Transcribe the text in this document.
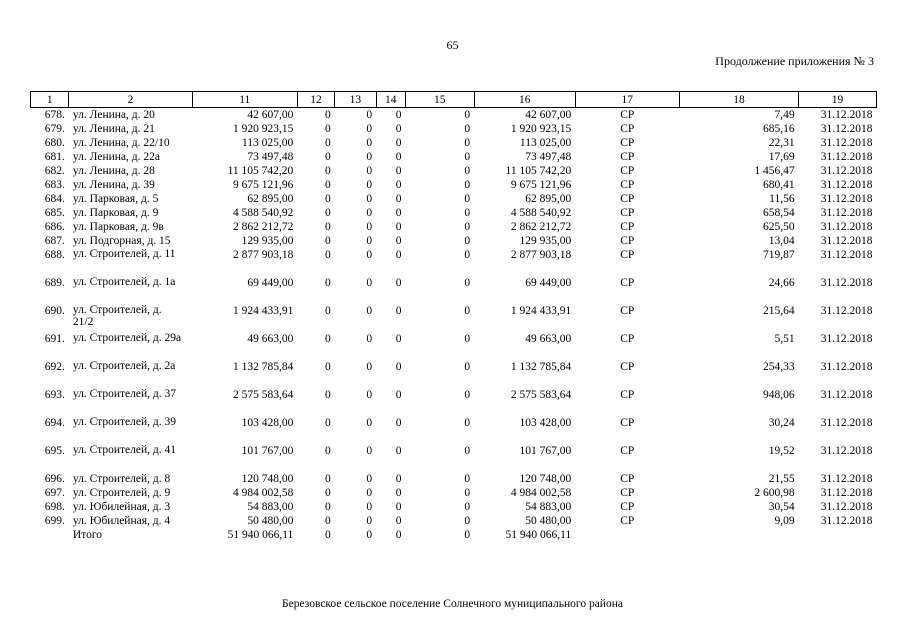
65
Продолжение приложения № 3
1	2	11	12	13	14	15	16	17	18	19
678.	ул. Ленина, д. 20	42 607,00	0	0	0	0	42 607,00	СР	7,49	31.12.2018
679.	ул. Ленина, д. 21	1 920 923,15	0	0	0	0	1 920 923,15	СР	685,16	31.12.2018
680.	ул. Ленина, д. 22/10	113 025,00	0	0	0	0	113 025,00	СР	22,31	31.12.2018
681.	ул. Ленина, д. 22а	73 497,48	0	0	0	0	73 497,48	СР	17,69	31.12.2018
682.	ул. Ленина, д. 28	11 105 742,20	0	0	0	0	11 105 742,20	СР	1 456,47	31.12.2018
683.	ул. Ленина, д. 39	9 675 121,96	0	0	0	0	9 675 121,96	СР	680,41	31.12.2018
684.	ул. Парковая, д. 5	62 895,00	0	0	0	0	62 895,00	СР	11,56	31.12.2018
685.	ул. Парковая, д. 9	4 588 540,92	0	0	0	0	4 588 540,92	СР	658,54	31.12.2018
686.	ул. Парковая, д. 9в	2 862 212,72	0	0	0	0	2 862 212,72	СР	625,50	31.12.2018
687.	ул. Подгорная, д. 15	129 935,00	0	0	0	0	129 935,00	СР	13,04	31.12.2018
688.	ул. Строителей, д. 11	2 877 903,18	0	0	0	0	2 877 903,18	СР	719,87	31.12.2018
689.	ул. Строителей, д. 1а	69 449,00	0	0	0	0	69 449,00	СР	24,66	31.12.2018
690.	ул. Строителей, д. 21/2	1 924 433,91	0	0	0	0	1 924 433,91	СР	215,64	31.12.2018
691.	ул. Строителей, д. 29а	49 663,00	0	0	0	0	49 663,00	СР	5,51	31.12.2018
692.	ул. Строителей, д. 2а	1 132 785,84	0	0	0	0	1 132 785,84	СР	254,33	31.12.2018
693.	ул. Строителей, д. 37	2 575 583,64	0	0	0	0	2 575 583,64	СР	948,06	31.12.2018
694.	ул. Строителей, д. 39	103 428,00	0	0	0	0	103 428,00	СР	30,24	31.12.2018
695.	ул. Строителей, д. 41	101 767,00	0	0	0	0	101 767,00	СР	19,52	31.12.2018
696.	ул. Строителей, д. 8	120 748,00	0	0	0	0	120 748,00	СР	21,55	31.12.2018
697.	ул. Строителей, д. 9	4 984 002,58	0	0	0	0	4 984 002,58	СР	2 600,98	31.12.2018
698.	ул. Юбилейная, д. 3	54 883,00	0	0	0	0	54 883,00	СР	30,54	31.12.2018
699.	ул. Юбилейная, д. 4	50 480,00	0	0	0	0	50 480,00	СР	9,09	31.12.2018
	Итого	51 940 066,11	0	0	0	0	51 940 066,11			
Березовское сельское поселение Солнечного муниципального района
